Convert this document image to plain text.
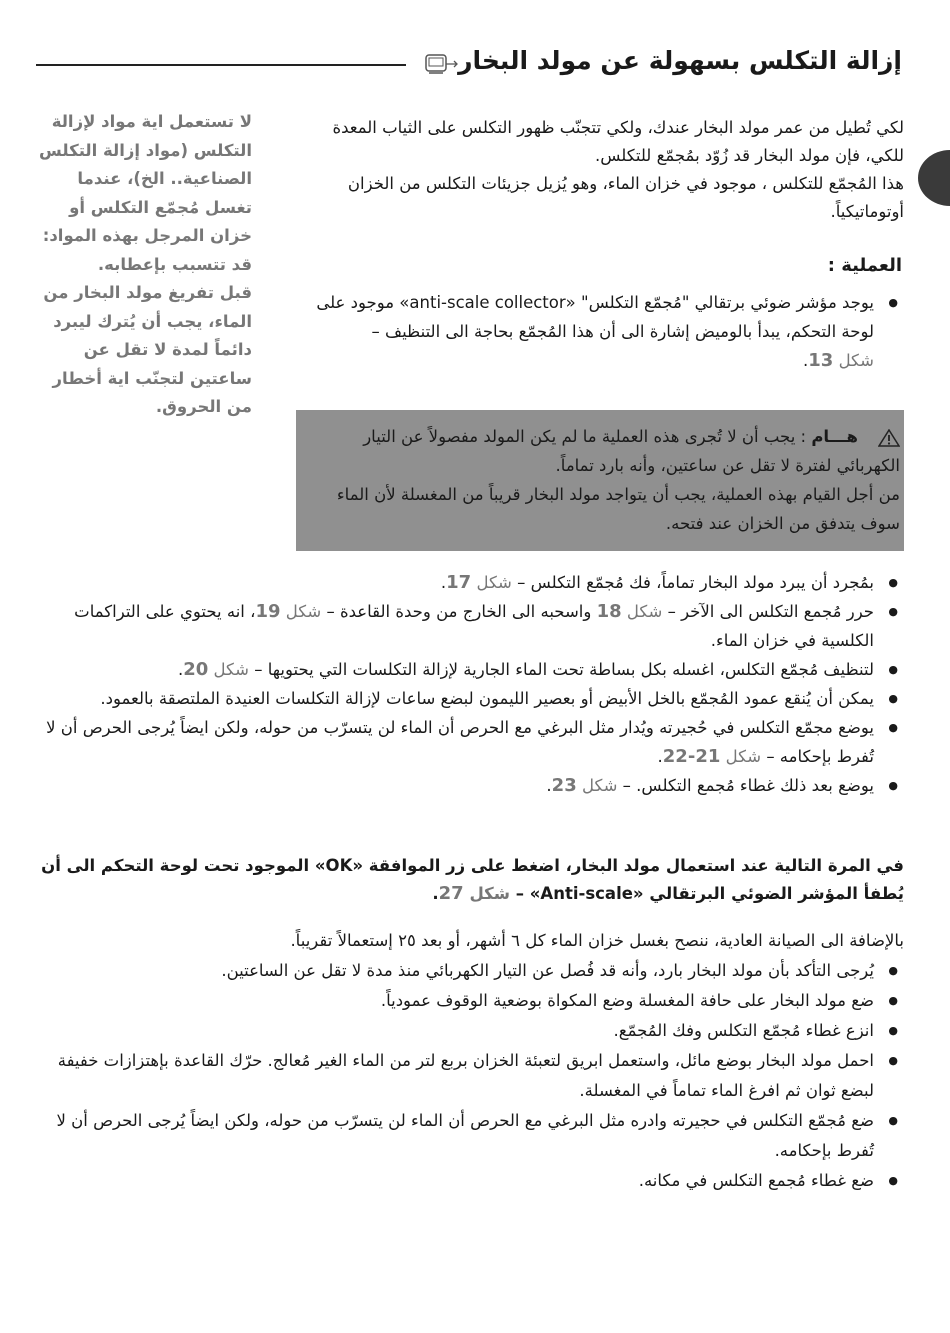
إزالة التكلس بسهولة عن مولد البخار

لا تستعمل اية مواد لإزالة التكلس (مواد إزالة التكلس الصناعية.. الخ)، عندما تغسل مُجمّع التكلس أو خزان المرجل بهذه المواد: قد تتسبب بإعطابه.

قبل تفريغ مولد البخار من الماء، يجب أن يُترك ليبرد دائماً لمدة لا تقل عن ساعتين لتجنّب اية أخطار من الحروق.

لكي تُطيل من عمر مولد البخار عندك، ولكي تتجنّب ظهور التكلس على الثياب المعدة للكي، فإن مولد البخار قد زُوّد بمُجمّع للتكلس.

هذا المُجمّع للتكلس ، موجود في خزان الماء، وهو يُزيل جزيئات التكلس من الخزان أوتوماتيكياً.

العملية :
● يوجد مؤشر ضوئي برتقالي "مُجمّع التكلس" «anti-scale collector» موجود على لوحة التحكم، يبدأ بالوميض إشارة الى أن هذا المُجمّع بحاجة الى التنظيف – شكل 13.

هـــام : يجب أن لا تُجرى هذه العملية ما لم يكن المولد مفصولاً عن التيار الكهربائي لفترة لا تقل عن ساعتين، وأنه بارد تماماً.

من أجل القيام بهذه العملية، يجب أن يتواجد مولد البخار قريباً من المغسلة لأن الماء سوف يتدفق من الخزان عند فتحه.

● بمُجرد أن يبرد مولد البخار تماماً، فك مُجمّع التكلس – شكل 17.
● حرر مُجمع التكلس الى الآخر – شكل 18 واسحبه الى الخارج من وحدة القاعدة – شكل 19، انه يحتوي على التراكمات الكلسية في خزان الماء.
● لتنظيف مُجمّع التكلس، اغسله بكل بساطة تحت الماء الجارية لإزالة التكلسات التي يحتويها – شكل 20.
● يمكن أن يُنقع عمود المُجمّع بالخل الأبيض أو بعصير الليمون لبضع ساعات لإزالة التكلسات العنيدة الملتصقة بالعمود.
● يوضع مجمّع التكلس في حُجيرته ويُدار مثل البرغي مع الحرص أن الماء لن يتسرّب من حوله، ولكن ايضاً يُرجى الحرص أن لا تُفرط بإحكامه – شكل 21-22.
● يوضع بعد ذلك غطاء مُجمع التكلس. – شكل 23.

في المرة التالية عند استعمال مولد البخار، اضغط على زر الموافقة «OK» الموجود تحت لوحة التحكم الى أن يُطفأ المؤشر الضوئي البرتقالي «Anti-scale» – شكل 27.

بالإضافة الى الصيانة العادية، ننصح بغسل خزان الماء كل ٦ أشهر، أو بعد ٢٥ إستعمالاً تقريباً.

● يُرجى التأكد بأن مولد البخار بارد، وأنه قد فُصل عن التيار الكهربائي منذ مدة لا تقل عن الساعتين.
● ضع مولد البخار على حافة المغسلة وضع المكواة بوضعية الوقوف عمودياً.
● انزع غطاء مُجمّع التكلس وفك المُجمّع.
● احمل مولد البخار بوضع مائل، واستعمل ابريق لتعبئة الخزان بربع لتر من الماء الغير مُعالج. حرّك القاعدة بإهتزازات خفيفة لبضع ثوان ثم افرغ الماء تماماً في المغسلة.
● ضع مُجمّع التكلس في حجيرته وادره مثل البرغي مع الحرص أن الماء لن يتسرّب من حوله، ولكن ايضاً يُرجى الحرص أن لا تُفرط بإحكامه.
● ضع غطاء مُجمع التكلس في مكانه.
